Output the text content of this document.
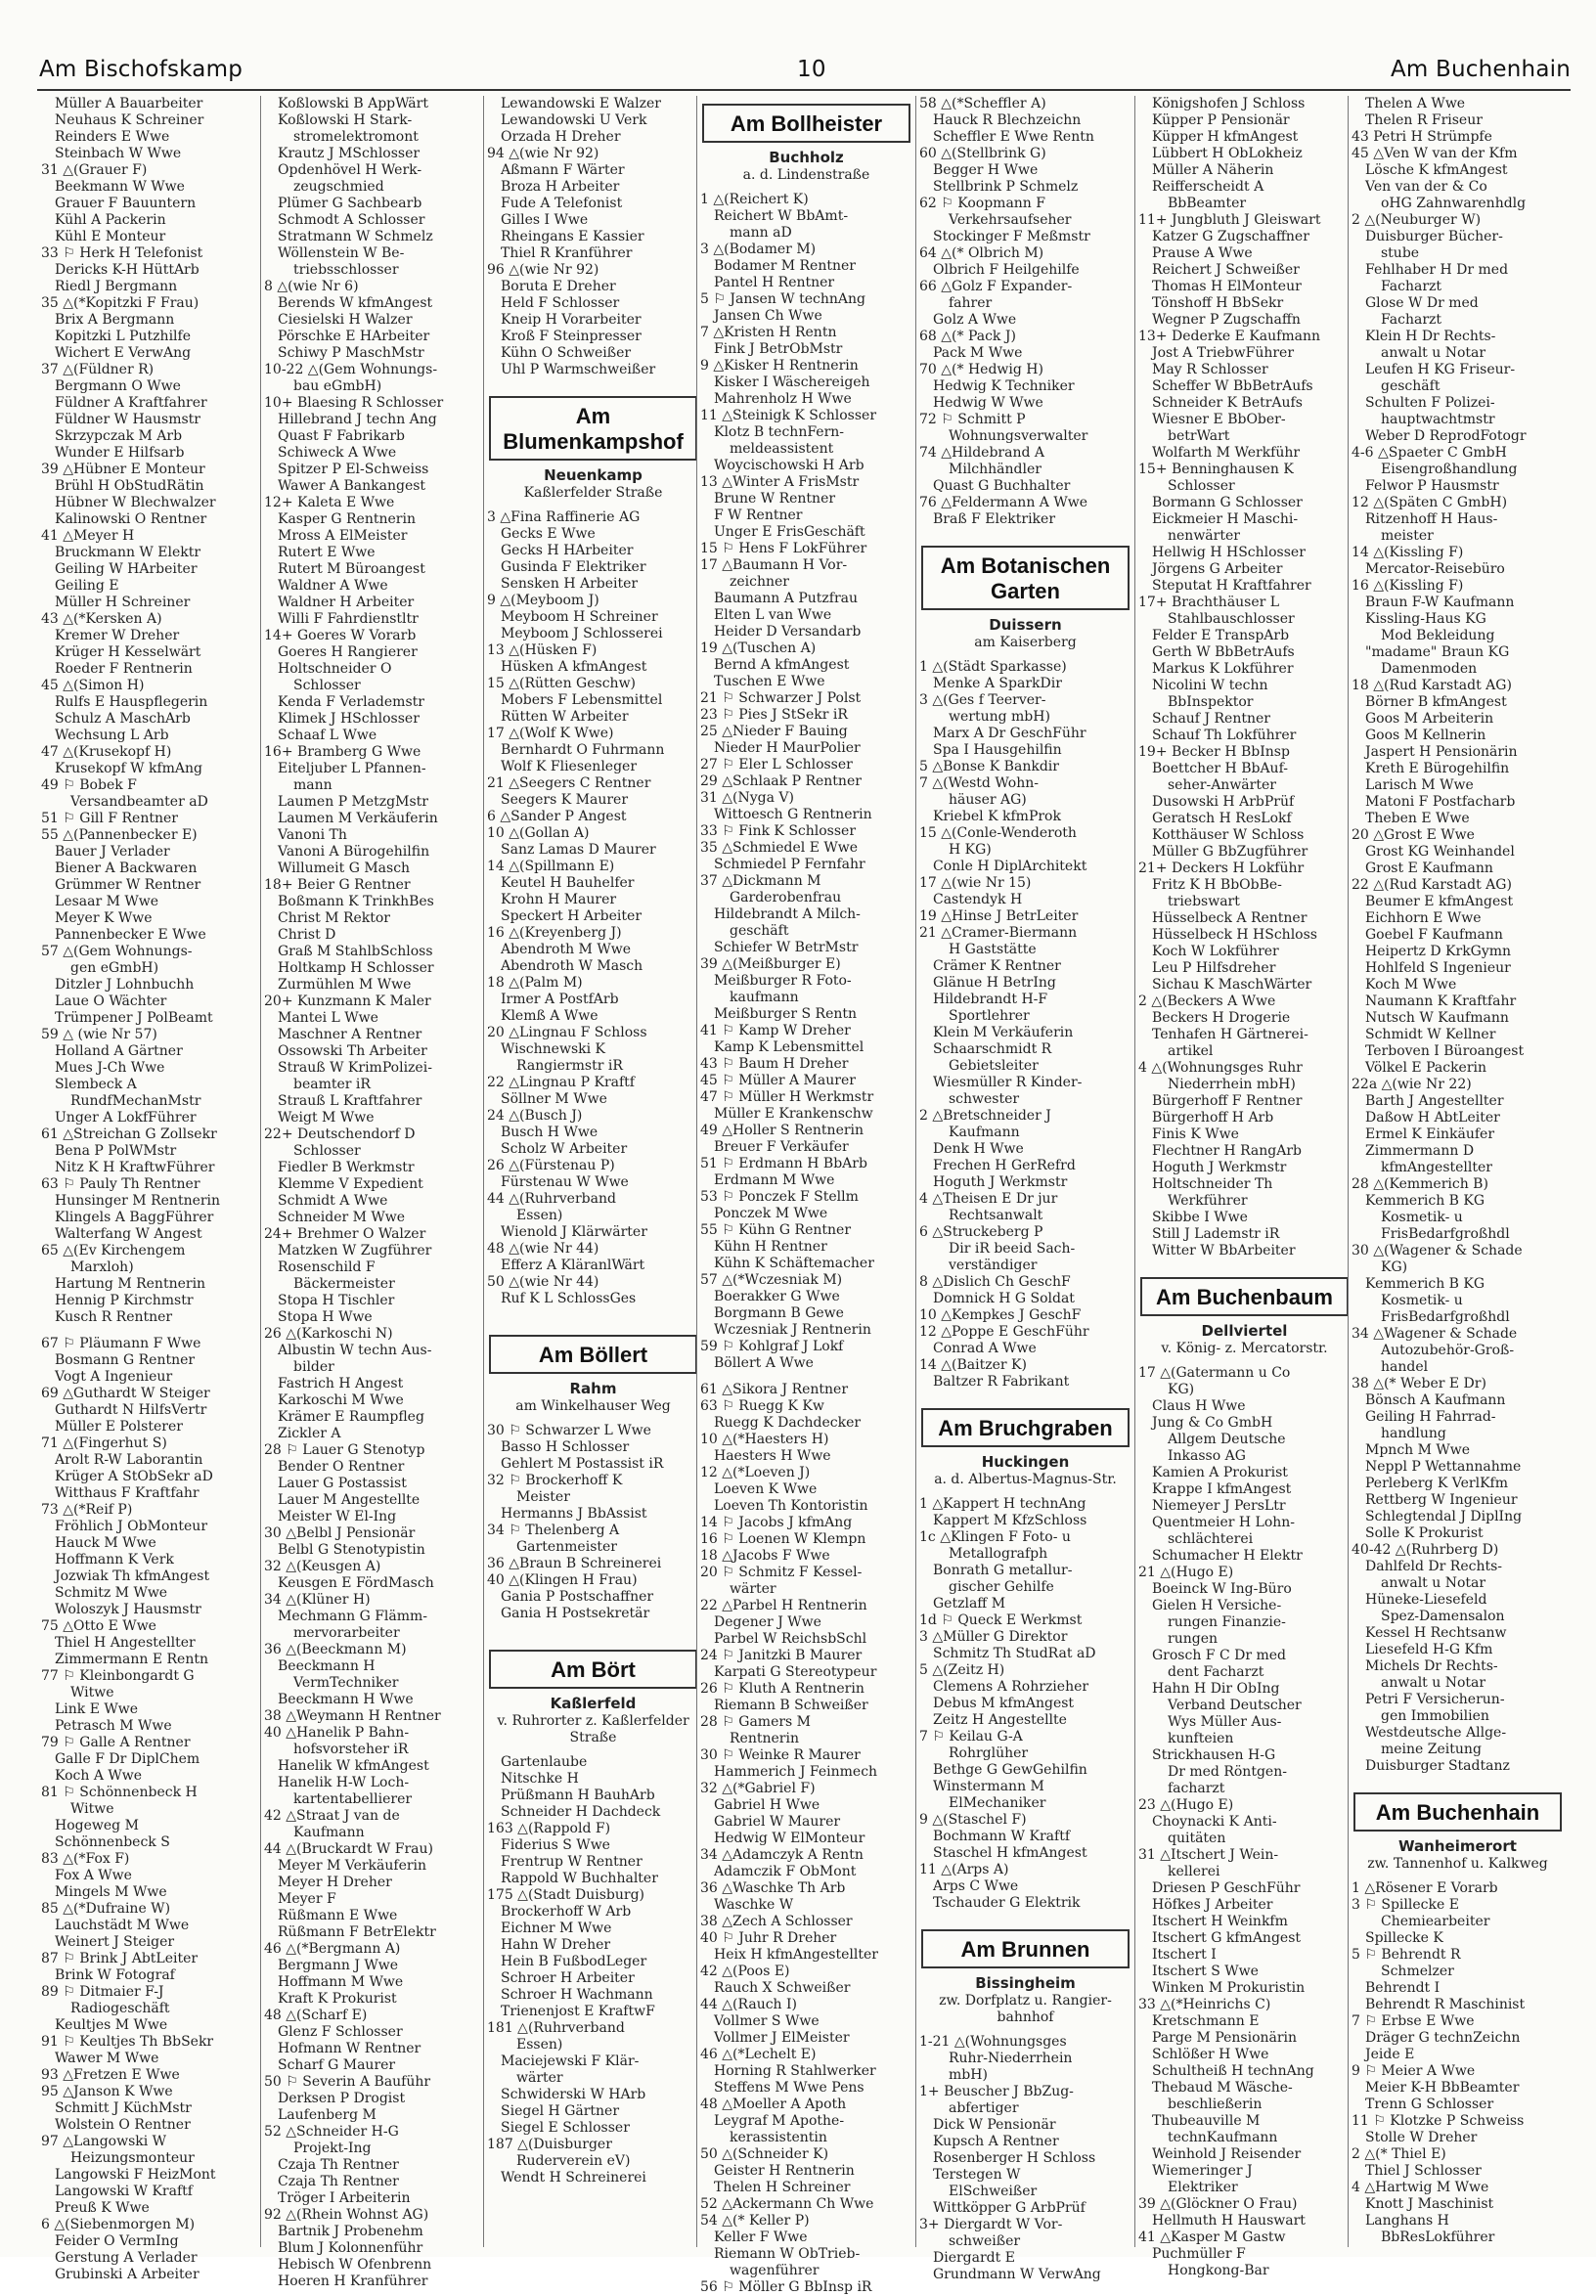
Am Bischofskamp	10	Am Buchenhain
Müller A Bauarbeiter
Neuhaus K Schreiner
Reinders E Wwe
Steinbach W Wwe
31 △(Grauer F)
Beekmann W Wwe
Grauer F Bauuntern
Kühl A Packerin
Kühl E Monteur
33 ⚐ Herk H Telefonist
Dericks K-H HüttArb
Riedl J Bergmann
35 △(*Kopitzki F Frau)
Brix A Bergmann
Kopitzki L Putzhilfe
Wichert E VerwAng
37 △(Füldner R)
Bergmann O Wwe
Füldner A Kraftfahrer
Füldner W Hausmstr
Skrzypczak M Arb
Wunder E Hilfsarb
39 △Hübner E Monteur
Brühl H ObStudRätin
Hübner W Blechwalzer
Kalinowski O Rentner
41 △Meyer H
Bruckmann W Elektr
Geiling W HArbeiter
Geiling E
Müller H Schreiner
43 △(*Kersken A)
Kremer W Dreher
Krüger H Kesselwärt
Roeder F Rentnerin
45 △(Simon H)
Rulfs E Hauspflegerin
Schulz A MaschArb
Wechsung L Arb
47 △(Krusekopf H)
Krusekopf W kfmAng
49 ⚐ Bobek F
Versandbeamter aD
51 ⚐ Gill F Rentner
55 △(Pannenbecker E)
Bauer J Verlader
Biener A Backwaren
Grümmer W Rentner
Lesaar M Wwe
Meyer K Wwe
Pannenbecker E Wwe
57 △(Gem Wohnungs-
gen eGmbH)
Ditzler J Lohnbuchh
Laue O Wächter
Trümpener J PolBeamt
59 △ (wie Nr 57)
Holland A Gärtner
Mues J-Ch Wwe
Slembeck A
RundfMechanMstr
Unger A LokfFührer
61 △Streichan G Zollsekr
Bena P PolWMstr
Nitz K H KraftwFührer
63 ⚐ Pauly Th Rentner
Hunsinger M Rentnerin
Klingels A BaggFührer
Walterfang W Angest
65 △(Ev Kirchengem
Marxloh)
Hartung M Rentnerin
Hennig P Kirchmstr
Kusch R Rentner
67 ⚐ Pläumann F Wwe
Bosmann G Rentner
Vogt A Ingenieur
69 △Guthardt W Steiger
Guthardt N HilfsVertr
Müller E Polsterer
71 △(Fingerhut S)
Arolt R-W Laborantin
Krüger A StObSekr aD
Witthaus F Kraftfahr
73 △(*Reif P)
Fröhlich J ObMonteur
Hauck M Wwe
Hoffmann K Verk
Jozwiak Th kfmAngest
Schmitz M Wwe
Woloszyk J Hausmstr
75 △Otto E Wwe
Thiel H Angestellter
Zimmermann E Rentn
77 ⚐ Kleinbongardt G
Witwe
Link E Wwe
Petrasch M Wwe
79 ⚐ Galle A Rentner
Galle F Dr DiplChem
Koch A Wwe
81 ⚐ Schönnenbeck H
Witwe
Hogeweg M
Schönnenbeck S
83 △(*Fox F)
Fox A Wwe
Mingels M Wwe
85 △(*Dufraine W)
Lauchstädt M Wwe
Weinert J Steiger
87 ⚐ Brink J AbtLeiter
Brink W Fotograf
89 ⚐ Ditmaier F-J
Radiogeschäft
Keultjes M Wwe
91 ⚐ Keultjes Th BbSekr
Wawer M Wwe
93 △Fretzen E Wwe
95 △Janson K Wwe
Schmitt J KüchMstr
Wolstein O Rentner
97 △Langowski W
Heizungsmonteur
Langowski F HeizMont
Langowski W Kraftf
Preuß K Wwe
6 △(Siebenmorgen M)
Feider O VermIng
Gerstung A Verlader
Grubinski A Arbeiter
Koßlowski B AppWärt
Koßlowski H Stark-
stromelektromont
Krautz J MSchlosser
Opdenhövel H Werk-
zeugschmied
Plümer G Sachbearb
Schmodt A Schlosser
Stratmann W Schmelz
Wöllenstein W Be-
triebsschlosser
8 △(wie Nr 6)
Berends W kfmAngest
Ciesielski H Walzer
Pörschke E HArbeiter
Schiwy P MaschMstr
10-22 △(Gem Wohnungs-
bau eGmbH)
10+ Blaesing R Schlosser
Hillebrand J techn Ang
Quast F Fabrikarb
Schiweck A Wwe
Spitzer P El-Schweiss
Wawer A Bankangest
12+ Kaleta E Wwe
Kasper G Rentnerin
Mross A ElMeister
Rutert E Wwe
Rutert M Büroangest
Waldner A Wwe
Waldner H Arbeiter
Willi F Fahrdienstltr
14+ Goeres W Vorarb
Goeres H Rangierer
Holtschneider O
Schlosser
Kenda F Verlademstr
Klimek J HSchlosser
Schaaf L Wwe
16+ Bramberg G Wwe
Eiteljuber L Pfannen-
mann
Laumen P MetzgMstr
Laumen M Verkäuferin
Vanoni Th
Vanoni A Bürogehilfin
Willumeit G Masch
18+ Beier G Rentner
Boßmann K TrinkhBes
Christ M Rektor
Christ D
Graß M StahlbSchloss
Holtkamp H Schlosser
Zurmühlen M Wwe
20+ Kunzmann K Maler
Mantei L Wwe
Maschner A Rentner
Ossowski Th Arbeiter
Strauß W KrimPolizei-
beamter iR
Strauß L Kraftfahrer
Weigt M Wwe
22+ Deutschendorf D
Schlosser
Fiedler B Werkmstr
Klemme V Expedient
Schmidt A Wwe
Schneider M Wwe
24+ Brehmer O Walzer
Matzken W Zugführer
Rosenschild F
Bäckermeister
Stopa H Tischler
Stopa H Wwe
26 △(Karkoschi N)
Albustin W techn Aus-
bilder
Fastrich H Angest
Karkoschi M Wwe
Krämer E Raumpfleg
Zickler A
28 ⚐ Lauer G Stenotyp
Bender O Rentner
Lauer G Postassist
Lauer M Angestellte
Meister W El-Ing
30 △Belbl J Pensionär
Belbl G Stenotypistin
32 △(Keusgen A)
Keusgen E FördMasch
34 △(Klüner H)
Mechmann G Flämm-
mervorarbeiter
36 △(Beeckmann M)
Beeckmann H
VermTechniker
Beeckmann H Wwe
38 △Weymann H Rentner
40 △Hanelik P Bahn-
hofsvorsteher iR
Hanelik W kfmAngest
Hanelik H-W Loch-
kartentabellierer
42 △Straat J van de
Kaufmann
44 △(Bruckardt W Frau)
Meyer M Verkäuferin
Meyer H Dreher
Meyer F
Rüßmann E Wwe
Rüßmann F BetrElektr
46 △(*Bergmann A)
Bergmann J Wwe
Hoffmann M Wwe
Kraft K Prokurist
48 △(Scharf E)
Glenz F Schlosser
Hofmann W Rentner
Scharf G Maurer
50 ⚐ Severin A Bauführ
Derksen P Drogist
Laufenberg M
52 △Schneider H-G
Projekt-Ing
Czaja Th Rentner
Czaja Th Rentner
Tröger I Arbeiterin
92 △(Rhein Wohnst AG)
Bartnik J Probenehm
Blum J Kolonnenführ
Hebisch W Ofenbrenn
Hoeren H Kranführer
Lewandowski E Walzer
Lewandowski U Verk
Orzada H Dreher
94 △(wie Nr 92)
Aßmann F Wärter
Broza H Arbeiter
Fude A Telefonist
Gilles I Wwe
Rheingans E Kassier
Thiel R Kranführer
96 △(wie Nr 92)
Boruta E Dreher
Held F Schlosser
Kneip H Vorarbeiter
Kroß F Steinpresser
Kühn O Schweißer
Uhl P Warmschweißer
Am Blumenkampshof
Neuenkamp
Kaßlerfelder Straße
3 △Fina Raffinerie AG
Gecks E Wwe
Gecks H HArbeiter
Gusinda F Elektriker
Sensken H Arbeiter
9 △(Meyboom J)
Meyboom H Schreiner
Meyboom J Schlosserei
13 △(Hüsken F)
Hüsken A kfmAngest
15 △(Rütten Geschw)
Mobers F Lebensmittel
Rütten W Arbeiter
17 △(Wolf K Wwe)
Bernhardt O Fuhrmann
Wolf K Fliesenleger
21 △Seegers C Rentner
Seegers K Maurer
6 △Sander P Angest
10 △(Gollan A)
Sanz Lamas D Maurer
14 △(Spillmann E)
Keutel H Bauhelfer
Krohn H Maurer
Speckert H Arbeiter
16 △(Kreyenberg J)
Abendroth M Wwe
Abendroth W Masch
18 △(Palm M)
Irmer A PostfArb
Klemß A Wwe
20 △Lingnau F Schloss
Wischnewski K
Rangiermstr iR
22 △Lingnau P Kraftf
Söllner M Wwe
24 △(Busch J)
Busch H Wwe
Scholz W Arbeiter
26 △(Fürstenau P)
Fürstenau W Wwe
44 △(Ruhrverband
Essen)
Wienold J Klärwärter
48 △(wie Nr 44)
Efferz A KläranlWärt
50 △(wie Nr 44)
Ruf K L SchlossGes
Am Böllert
Rahm
am Winkelhauser Weg
30 ⚐ Schwarzer L Wwe
Basso H Schlosser
Gehlert M Postassist iR
32 ⚐ Brockerhoff K
Meister
Hermanns J BbAssist
34 ⚐ Thelenberg A
Gartenmeister
36 △Braun B Schreinerei
40 △(Klingen H Frau)
Gania P Postschaffner
Gania H Postsekretär
Am Bört
Kaßlerfeld
v. Ruhrorter z. Kaßlerfelder Straße
Gartenlaube
Nitschke H
Prüßmann H BauhArb
Schneider H Dachdeck
163 △(Rappold F)
Fiderius S Wwe
Frentrup W Rentner
Rappold W Buchhalter
175 △(Stadt Duisburg)
Brockerhoff W Arb
Eichner M Wwe
Hahn W Dreher
Hein B FußbodLeger
Schroer H Arbeiter
Schroer H Wachmann
Trienenjost E KraftwF
181 △(Ruhrverband
Essen)
Maciejewski F Klär-
wärter
Schwiderski W HArb
Siegel H Gärtner
Siegel E Schlosser
187 △(Duisburger
Ruderverein eV)
Wendt H Schreinerei
Am Bollheister
Buchholz
a. d. Lindenstraße
1 △(Reichert K)
Reichert W BbAmt-
mann aD
3 △(Bodamer M)
Bodamer M Rentner
Pantel H Rentner
5 ⚐ Jansen W technAng
Jansen Ch Wwe
7 △Kristen H Rentn
Fink J BetrObMstr
9 △Kisker H Rentnerin
Kisker I Wäschereigeh
Mahrenholz H Wwe
11 △Steinigk K Schlosser
Klotz B technFern-
meldeassistent
Woycischowski H Arb
13 △Winter A FrisMstr
Brune W Rentner
F W Rentner
Unger E FrisGeschäft
15 ⚐ Hens F LokFührer
17 △Baumann H Vor-
zeichner
Baumann A Putzfrau
Elten L van Wwe
Heider D Versandarb
19 △(Tuschen A)
Bernd A kfmAngest
Tuschen E Wwe
21 ⚐ Schwarzer J Polst
23 ⚐ Pies J StSekr iR
25 △Nieder F Bauing
Nieder H MaurPolier
27 ⚐ Eler L Schlosser
29 △Schlaak P Rentner
31 △(Nyga V)
Wittoesch G Rentnerin
33 ⚐ Fink K Schlosser
35 △Schmiedel E Wwe
Schmiedel P Fernfahr
37 △Dickmann M
Garderobenfrau
Hildebrandt A Milch-
geschäft
Schiefer W BetrMstr
39 △(Meißburger E)
Meißburger R Foto-
kaufmann
Meißburger S Rentn
41 ⚐ Kamp W Dreher
Kamp K Lebensmittel
43 ⚐ Baum H Dreher
45 ⚐ Müller A Maurer
47 ⚐ Müller H Werkmstr
Müller E Krankenschw
49 △Holler S Rentnerin
Breuer F Verkäufer
51 ⚐ Erdmann H BbArb
Erdmann M Wwe
53 ⚐ Ponczek F Stellm
Ponczek M Wwe
55 ⚐ Kühn G Rentner
Kühn H Rentner
Kühn K Schäftemacher
57 △(*Wczesniak M)
Boerakker G Wwe
Borgmann B Gewe
Wczesniak J Rentnerin
59 ⚐ Kohlgraf J Lokf
Böllert A Wwe
61 △Sikora J Rentner
63 ⚐ Ruegg K Kw
Ruegg K Dachdecker
10 △(*Haesters H)
Haesters H Wwe
12 △(*Loeven J)
Loeven K Wwe
Loeven Th Kontoristin
14 ⚐ Jacobs J kfmAng
16 ⚐ Loenen W Klempn
18 △Jacobs F Wwe
20 ⚐ Schmitz F Kessel-
wärter
22 △Parbel H Rentnerin
Degener J Wwe
Parbel W ReichsbSchl
24 ⚐ Janitzki B Maurer
Karpati G Stereotypeur
26 ⚐ Kluth A Rentnerin
Riemann B Schweißer
28 ⚐ Gamers M
Rentnerin
30 ⚐ Weinke R Maurer
Hammerich J Feinmech
32 △(*Gabriel F)
Gabriel H Wwe
Gabriel W Maurer
Hedwig W ElMonteur
34 △Adamczyk A Rentn
Adamczik F ObMont
36 △Waschke Th Arb
Waschke W
38 △Zech A Schlosser
40 ⚐ Juhr R Dreher
Heix H kfmAngestellter
42 △(Poos E)
Rauch X Schweißer
44 △(Rauch I)
Vollmer S Wwe
Vollmer J ElMeister
46 △(*Lechelt E)
Horning R Stahlwerker
Steffens M Wwe Pens
48 △Moeller A Apoth
Leygraf M Apothe-
kerassistentin
50 △(Schneider K)
Geister H Rentnerin
Thelen H Schreiner
52 △Ackermann Ch Wwe
54 △(* Keller P)
Keller F Wwe
Riemann W ObTrieb-
wagenführer
56 ⚐ Möller G BbInsp iR
58 △(*Scheffler A)
Hauck R Blechzeichn
Scheffler E Wwe Rentn
60 △(Stellbrink G)
Begger H Wwe
Stellbrink P Schmelz
62 ⚐ Koopmann F
Verkehrsaufseher
Stockinger F Meßmstr
64 △(* Olbrich M)
Olbrich F Heilgehilfe
66 △Golz F Expander-
fahrer
Golz A Wwe
68 △(* Pack J)
Pack M Wwe
70 △(* Hedwig H)
Hedwig K Techniker
Hedwig W Wwe
72 ⚐ Schmitt P
Wohnungsverwalter
74 △Hildebrand A
Milchhändler
Quast G Buchhalter
76 △Feldermann A Wwe
Braß F Elektriker
Am Botanischen Garten
Duissern
am Kaiserberg
1 △(Städt Sparkasse)
Menke A SparkDir
3 △(Ges f Teerver-
wertung mbH)
Marx A Dr GeschFühr
Spa I Hausgehilfin
5 △Bonse K Bankdir
7 △(Westd Wohn-
häuser AG)
Kriebel K kfmProk
15 △(Conle-Wenderoth
H KG)
Conle H DiplArchitekt
17 △(wie Nr 15)
Castendyk H
19 △Hinse J BetrLeiter
21 △Cramer-Biermann
H Gaststätte
Crämer K Rentner
Glänue H BetrIng
Hildebrandt H-F
Sportlehrer
Klein M Verkäuferin
Schaarschmidt R
Gebietsleiter
Wiesmüller R Kinder-
schwester
2 △Bretschneider J
Kaufmann
Denk H Wwe
Frechen H GerRefrd
Hoguth J Werkmstr
4 △Theisen E Dr jur
Rechtsanwalt
6 △Struckeberg P
Dir iR beeid Sach-
verständiger
8 △Dislich Ch GeschF
Domnick H G Soldat
10 △Kempkes J GeschF
12 △Poppe E GeschFühr
Conrad A Wwe
14 △(Baitzer K)
Baltzer R Fabrikant
Am Bruchgraben
Huckingen
a. d. Albertus-Magnus-Str.
1 △Kappert H technAng
Kappert M KfzSchloss
1c △Klingen F Foto- u
Metallografph
Bonrath G metallur-
gischer Gehilfe
Getzlaff M
1d ⚐ Queck E Werkmst
3 △Müller G Direktor
Schmitz Th StudRat aD
5 △(Zeitz H)
Clemens A Rohrzieher
Debus M kfmAngest
Zeitz H Angestellte
7 ⚐ Keilau G-A
Rohrglüher
Bethge G GewGehilfin
Winstermann M
ElMechaniker
9 △(Staschel F)
Bochmann W Kraftf
Staschel H kfmAngest
11 △(Arps A)
Arps C Wwe
Tschauder G Elektrik
Am Brunnen
Bissingheim
zw. Dorfplatz u. Rangier-bahnhof
1-21 △(Wohnungsges
Ruhr-Niederrhein
mbH)
1+ Beuscher J BbZug-
abfertiger
Dick W Pensionär
Kupsch A Rentner
Rosenberger H Schloss
Terstegen W
ElSchweißer
Wittköpper G ArbPrüf
3+ Diergardt W Vor-
schweißer
Diergardt E
Grundmann W VerwAng
Königshofen J Schloss
Küpper P Pensionär
Küpper H kfmAngest
Lübbert H ObLokheiz
Müller A Näherin
Reifferscheidt A
BbBeamter
11+ Jungbluth J Gleiswart
Katzer G Zugschaffner
Prause A Wwe
Reichert J Schweißer
Thomas H ElMonteur
Tönshoff H BbSekr
Wegner P Zugschaffn
13+ Dederke E Kaufmann
Jost A TriebwFührer
May R Schlosser
Scheffer W BbBetrAufs
Schneider K BetrAufs
Wiesner E BbOber-
betrWart
Wolfarth M Werkführ
15+ Benninghausen K
Schlosser
Bormann G Schlosser
Eickmeier H Maschi-
nenwärter
Hellwig H HSchlosser
Jörgens G Arbeiter
Steputat H Kraftfahrer
17+ Brachthäuser L
Stahlbauschlosser
Felder E TranspArb
Gerth W BbBetrAufs
Markus K Lokführer
Nicolini W techn
BbInspektor
Schauf J Rentner
Schauf Th Lokführer
19+ Becker H BbInsp
Boettcher H BbAuf-
seher-Anwärter
Dusowski H ArbPrüf
Geratsch H ResLokf
Kotthäuser W Schloss
Müller G BbZugführer
21+ Deckers H Lokführ
Fritz K H BbObBe-
triebswart
Hüsselbeck A Rentner
Hüsselbeck H HSchloss
Koch W Lokführer
Leu P Hilfsdreher
Sichau K MaschWärter
2 △(Beckers A Wwe
Beckers H Drogerie
Tenhafen H Gärtnerei-
artikel
4 △(Wohnungsges Ruhr
Niederrhein mbH)
Bürgerhoff F Rentner
Bürgerhoff H Arb
Finis K Wwe
Flechtner H RangArb
Hoguth J Werkmstr
Holtschneider Th
Werkführer
Skibbe I Wwe
Still J Lademstr iR
Witter W BbArbeiter
Am Buchenbaum
Dellviertel
v. König- z. Mercatorstr.
17 △(Gatermann u Co
KG)
Claus H Wwe
Jung & Co GmbH
Allgem Deutsche
Inkasso AG
Kamien A Prokurist
Krappe I kfmAngest
Niemeyer J PersLtr
Quentmeier H Lohn-
schlächterei
Schumacher H Elektr
21 △(Hugo E)
Boeinck W Ing-Büro
Gielen H Versiche-
rungen Finanzie-
rungen
Grosch F C Dr med
dent Facharzt
Hahn H Dir ObIng
Verband Deutscher
Wys Müller Aus-
kunfteien
Strickhausen H-G
Dr med Röntgen-
facharzt
23 △(Hugo E)
Choynacki K Anti-
quitäten
31 △Itschert J Wein-
kellerei
Driesen P GeschFühr
Höfkes J Arbeiter
Itschert H Weinkfm
Itschert G kfmAngest
Itschert I
Itschert S Wwe
Winken M Prokuristin
33 △(*Heinrichs C)
Kretschmann E
Parge M Pensionärin
Schlößer H Wwe
Schultheiß H technAng
Thebaud M Wäsche-
beschließerin
Thubeauville M
technKaufmann
Weinhold J Reisender
Wiemeringer J
Elektriker
39 △(Glöckner O Frau)
Hellmuth H Hauswart
41 △Kasper M Gastw
Puchmüller F
Hongkong-Bar
Thelen A Wwe
Thelen R Friseur
43 Petri H Strümpfe
45 △Ven W van der Kfm
Lösche K kfmAngest
Ven van der & Co
oHG Zahnwarenhdlg
2 △(Neuburger W)
Duisburger Bücher-
stube
Fehlhaber H Dr med
Facharzt
Glose W Dr med
Facharzt
Klein H Dr Rechts-
anwalt u Notar
Leufen H KG Friseur-
geschäft
Schulten F Polizei-
hauptwachtmstr
Weber D ReprodFotogr
4-6 △Spaeter C GmbH
Eisengroßhandlung
Felwor P Hausmstr
12 △(Späten C GmbH)
Ritzenhoff H Haus-
meister
14 △(Kissling F)
Mercator-Reisebüro
16 △(Kissling F)
Braun F-W Kaufmann
Kissling-Haus KG
Mod Bekleidung
"madame" Braun KG
Damenmoden
18 △(Rud Karstadt AG)
Börner B kfmAngest
Goos M Arbeiterin
Goos M Kellnerin
Jaspert H Pensionärin
Kreth E Bürogehilfin
Larisch M Wwe
Matoni F Postfacharb
Theben E Wwe
20 △Grost E Wwe
Grost KG Weinhandel
Grost E Kaufmann
22 △(Rud Karstadt AG)
Beumer E kfmAngest
Eichhorn E Wwe
Goebel F Kaufmann
Heipertz D KrkGymn
Hohlfeld S Ingenieur
Koch M Wwe
Naumann K Kraftfahr
Nutsch W Kaufmann
Schmidt W Kellner
Terboven I Büroangest
Völkel E Packerin
22a △(wie Nr 22)
Barth J Angestellter
Daßow H AbtLeiter
Ermel K Einkäufer
Zimmermann D
kfmAngestellter
28 △(Kemmerich B)
Kemmerich B KG
Kosmetik- u
FrisBedarfgroßhdl
30 △(Wagener & Schade
KG)
Kemmerich B KG
Kosmetik- u
FrisBedarfgroßhdl
34 △Wagener & Schade
Autozubehör-Groß-
handel
38 △(* Weber E Dr)
Bönsch A Kaufmann
Geiling H Fahrrad-
handlung
Mpnch M Wwe
Neppl P Wettannahme
Perleberg K VerlKfm
Rettberg W Ingenieur
Schlegtendal J DiplIng
Solle K Prokurist
40-42 △(Ruhrberg D)
Dahlfeld Dr Rechts-
anwalt u Notar
Hüneke-Liesefeld
Spez-Damensalon
Kessel H Rechtsanw
Liesefeld H-G Kfm
Michels Dr Rechts-
anwalt u Notar
Petri F Versicherun-
gen Immobilien
Westdeutsche Allge-
meine Zeitung
Duisburger Stadtanz
Am Buchenhain
Wanheimerort
zw. Tannenhof u. Kalkweg
1 △Rösener E Vorarb
3 ⚐ Spillecke E
Chemiearbeiter
Spillecke K
5 ⚐ Behrendt R
Schmelzer
Behrendt I
Behrendt R Maschinist
7 ⚐ Erbse E Wwe
Dräger G technZeichn
Jeide E
9 ⚐ Meier A Wwe
Meier K-H BbBeamter
Trenn G Schlosser
11 ⚐ Klotzke P Schweiss
Stolle W Dreher
2 △(* Thiel E)
Thiel J Schlosser
4 △Hartwig M Wwe
Knott J Maschinist
Langhans H
BbResLokführer
